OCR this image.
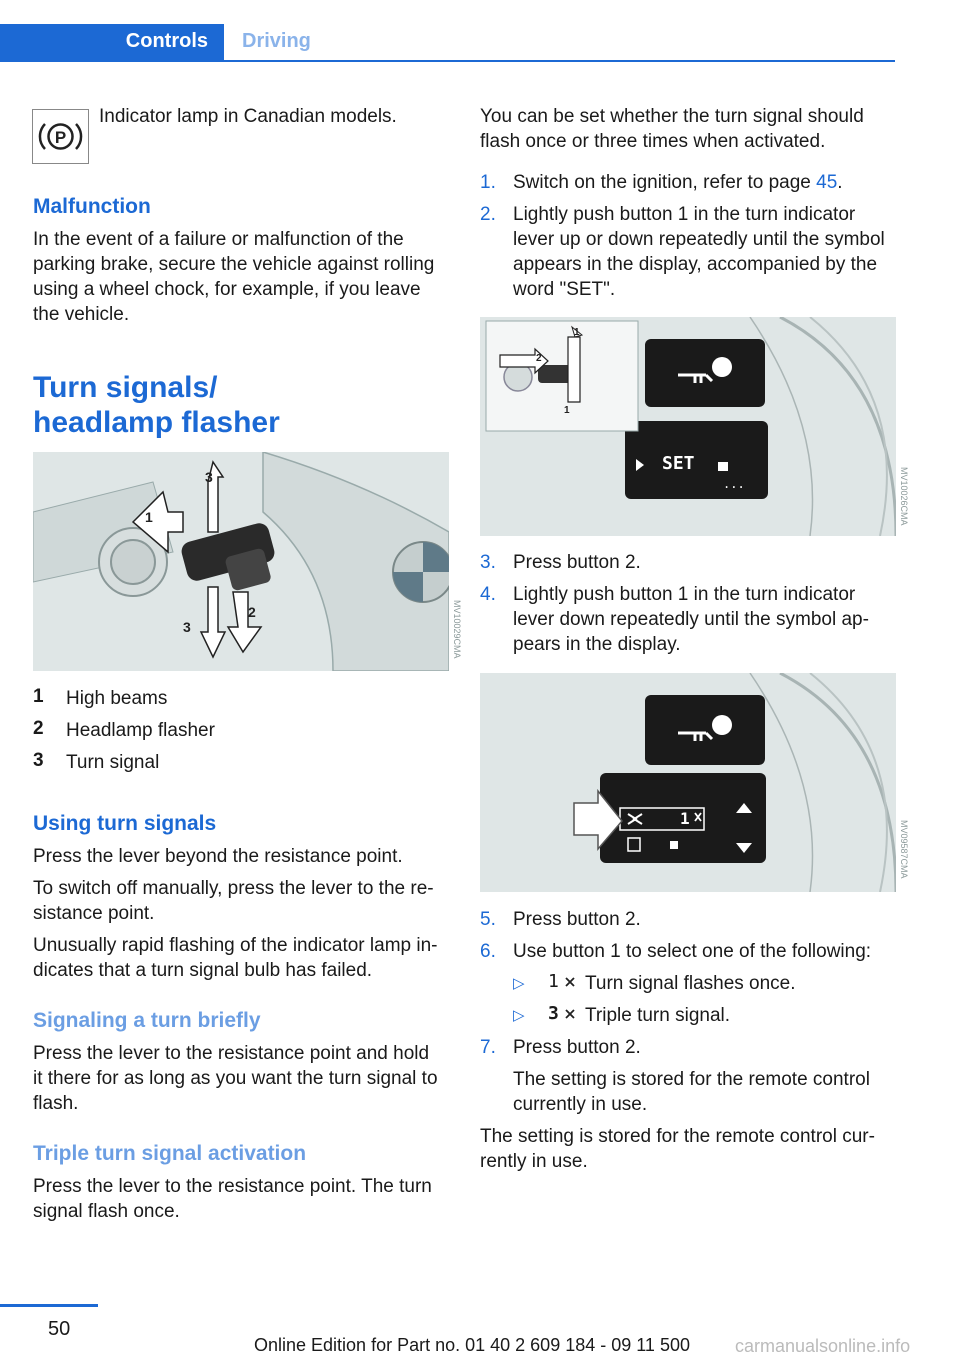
Controls Driving
P
Indicator lamp in Canadian models.
Malfunction
In the event of a failure or malfunction of the
parking brake, secure the vehicle against rolling
using a wheel chock, for example, if you leave
the vehicle.
Turn signals/
headlamp flasher
1
3
3
2	MV10029CMA
1 High beams
2 Headlamp flasher
3 Turn signal
Using turn signals
Press the lever beyond the resistance point.
To switch off manually, press the lever to the re-
sistance point.
Unusually rapid flashing of the indicator lamp in-
dicates that a turn signal bulb has failed.
Signaling a turn briefly
Press the lever to the resistance point and hold
it there for as long as you want the turn signal to
flash.
Triple turn signal activation
Press the lever to the resistance point. The turn
signal flash once.
You can be set whether the turn signal should
flash once or three times when activated.
1. Switch on the ignition, refer to page 45.
2. Lightly push button 1 in the turn indicator
lever up or down repeatedly until the symbol
appears in the display, accompanied by the
word "SET".
1
2
1
SET
...	MV10026CMA
3. Press button 2.
4. Lightly push button 1 in the turn indicator
lever down repeatedly until the symbol ap-
pears in the display.
1
MV09587CMA
5. Press button 2.
6. Use button 1 to select one of the following:
▷ 1 Turn signal flashes once.
▷ 3 Triple turn signal.
7. Press button 2.
The setting is stored for the remote control
currently in use.
The setting is stored for the remote control cur-
rently in use.
50
Online Edition for Part no. 01 40 2 609 184 - 09 11 500	carmanualsonline.info
